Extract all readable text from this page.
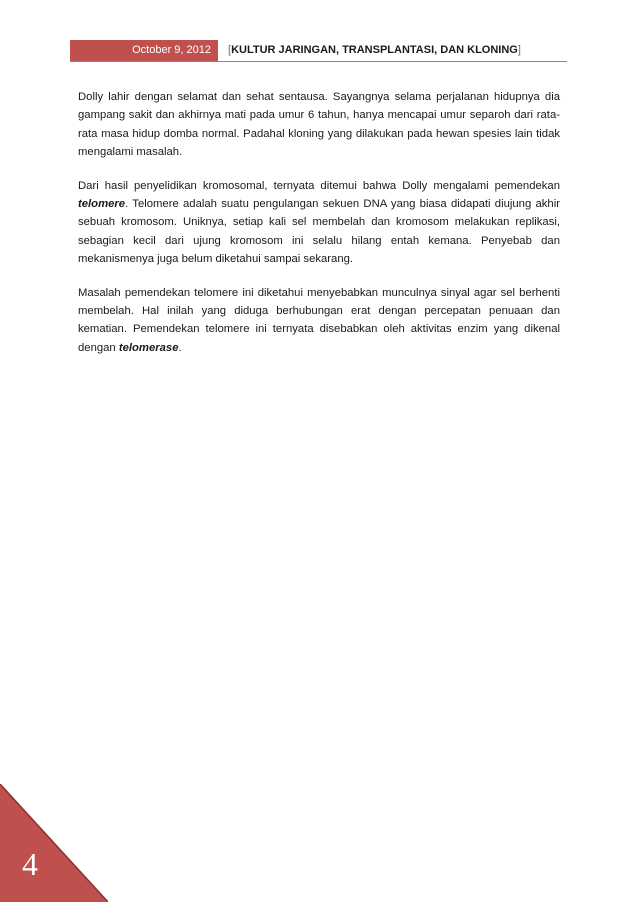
October 9, 2012	[KULTUR JARINGAN, TRANSPLANTASI, DAN KLONING]

Dolly lahir dengan selamat dan sehat sentausa. Sayangnya selama perjalanan hidupnya dia gampang sakit dan akhirnya mati pada umur 6 tahun, hanya mencapai umur separoh dari rata-rata masa hidup domba normal. Padahal kloning yang dilakukan pada hewan spesies lain tidak mengalami masalah.

Dari hasil penyelidikan kromosomal, ternyata ditemui bahwa Dolly mengalami pemendekan telomere. Telomere adalah suatu pengulangan sekuen DNA yang biasa didapati diujung akhir sebuah kromosom. Uniknya, setiap kali sel membelah dan kromosom melakukan replikasi, sebagian kecil dari ujung kromosom ini selalu hilang entah kemana. Penyebab dan mekanismenya juga belum diketahui sampai sekarang.

Masalah pemendekan telomere ini diketahui menyebabkan munculnya sinyal agar sel berhenti membelah. Hal inilah yang diduga berhubungan erat dengan percepatan penuaan dan kematian. Pemendekan telomere ini ternyata disebabkan oleh aktivitas enzim yang dikenal dengan telomerase.

4
